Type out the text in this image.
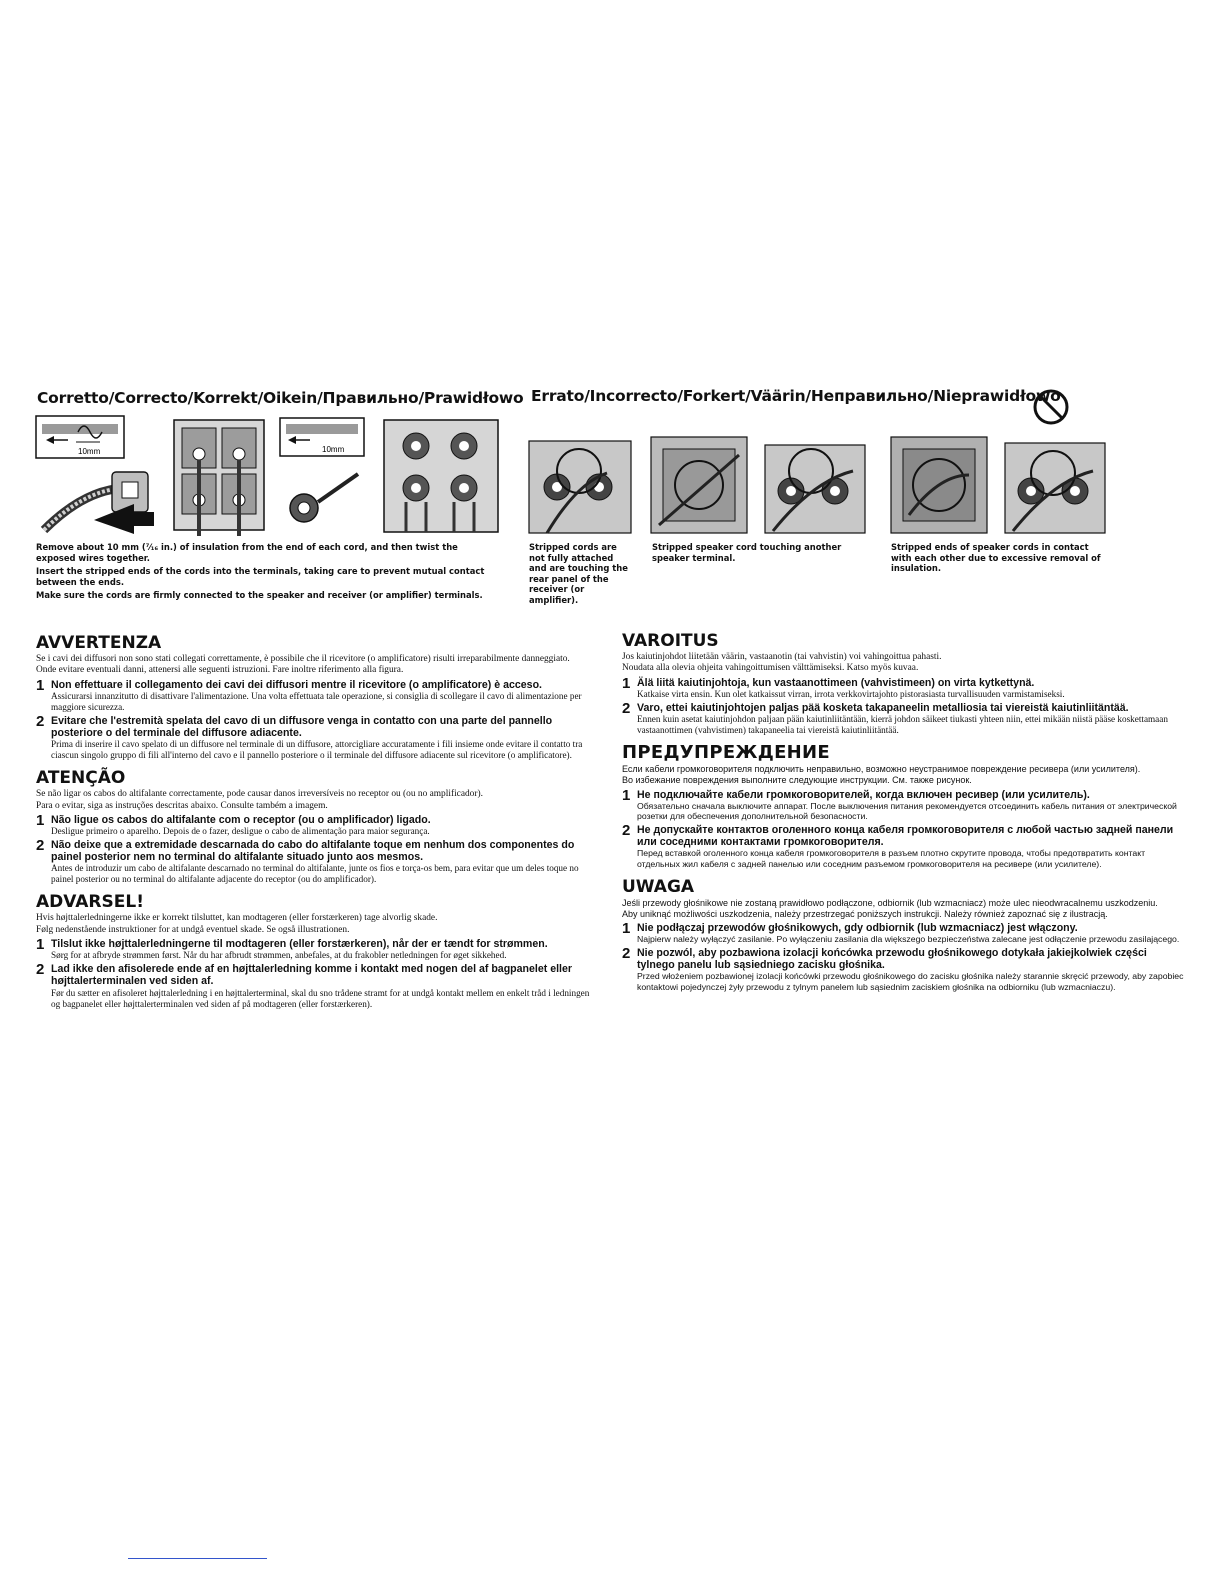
Corretto/Correcto/Korrekt/Oikein/Правильно/Prawidłowo Errato/Incorrecto/Forkert/Väärin/Неправильно/Nieprawidłowo
10mm	10mm

Remove about 10 mm (⁷⁄₁₆ in.) of insulation from the end of each cord, and then twist the exposed wires together.

Insert the stripped ends of the cords into the terminals, taking care to prevent mutual contact between the ends.

Make sure the cords are firmly connected to the speaker and receiver (or amplifier) terminals.

Stripped cords are not fully attached and are touching the rear panel of the receiver (or amplifier).
Stripped speaker cord touching another speaker terminal.
Stripped ends of speaker cords in contact with each other due to excessive removal of insulation.
AVVERTENZA

Se i cavi dei diffusori non sono stati collegati correttamente, è possibile che il ricevitore (o amplificatore) risulti irreparabilmente danneggiato.
Onde evitare eventuali danni, attenersi alle seguenti istruzioni. Fare inoltre riferimento alla figura.

1 Non effettuare il collegamento dei cavi dei diffusori mentre il ricevitore (o amplificatore) è acceso.
Assicurarsi innanzitutto di disattivare l'alimentazione. Una volta effettuata tale operazione, si consiglia di scollegare il cavo di alimentazione per maggiore sicurezza.
2 Evitare che l'estremità spelata del cavo di un diffusore venga in contatto con una parte del pannello posteriore o del terminale del diffusore adiacente.
Prima di inserire il cavo spelato di un diffusore nel terminale di un diffusore, attorcigliare accuratamente i fili insieme onde evitare il contatto tra ciascun singolo gruppo di fili all'interno del cavo e il pannello posteriore o il terminale del diffusore adiacente sul ricevitore (o amplificatore).
ATENÇÃO

Se não ligar os cabos do altifalante correctamente, pode causar danos irreversíveis no receptor ou (ou no amplificador).
Para o evitar, siga as instruções descritas abaixo. Consulte também a imagem.

1 Não ligue os cabos do altifalante com o receptor (ou o amplificador) ligado.
Desligue primeiro o aparelho. Depois de o fazer, desligue o cabo de alimentação para maior segurança.
2 Não deixe que a extremidade descarnada do cabo do altifalante toque em nenhum dos componentes do painel posterior nem no terminal do altifalante situado junto aos mesmos.
Antes de introduzir um cabo de altifalante descarnado no terminal do altifalante, junte os fios e torça-os bem, para evitar que um deles toque no painel posterior ou no terminal do altifalante adjacente do receptor (ou do amplificador).
ADVARSEL!

Hvis højttalerledningerne ikke er korrekt tilsluttet, kan modtageren (eller forstærkeren) tage alvorlig skade.
Følg nedenstående instruktioner for at undgå eventuel skade. Se også illustrationen.

1 Tilslut ikke højttalerledningerne til modtageren (eller forstærkeren), når der er tændt for strømmen.
Sørg for at afbryde strømmen først. Når du har afbrudt strømmen, anbefales, at du frakobler netledningen for øget sikkehed.
2 Lad ikke den afisolerede ende af en højttalerledning komme i kontakt med nogen del af bagpanelet eller højttalerterminalen ved siden af.
Før du sætter en afisoleret højttalerledning i en højttalerterminal, skal du sno trådene stramt for at undgå kontakt mellem en enkelt tråd i ledningen og bagpanelet eller højttalerterminalen ved siden af på modtageren (eller forstærkeren).
VAROITUS

Jos kaiutinjohdot liitetään väärin, vastaanotin (tai vahvistin) voi vahingoittua pahasti.
Noudata alla olevia ohjeita vahingoittumisen välttämiseksi. Katso myös kuvaa.

1 Älä liitä kaiutinjohtoja, kun vastaanottimeen (vahvistimeen) on virta kytkettynä.
Katkaise virta ensin. Kun olet katkaissut virran, irrota verkkovirtajohto pistorasiasta turvallisuuden varmistamiseksi.
2 Varo, ettei kaiutinjohtojen paljas pää kosketa takapaneelin metalliosia tai viereistä kaiutinliitäntää.
Ennen kuin asetat kaiutinjohdon paljaan pään kaiutinliitäntään, kierrä johdon säikeet tiukasti yhteen niin, ettei mikään niistä pääse koskettamaan vastaanottimen (vahvistimen) takapaneelia tai viereistä kaiutinliitäntää.
ПРЕДУПРЕЖДЕНИЕ

Если кабели громкоговорителя подключить неправильно, возможно неустранимое повреждение ресивера (или усилителя).
Во избежание повреждения выполните следующие инструкции. См. также рисунок.

1 Не подключайте кабели громкоговорителей, когда включен ресивер (или усилитель).
Обязательно сначала выключите аппарат. После выключения питания рекомендуется отсоединить кабель питания от электрической розетки для обеспечения дополнительной безопасности.
2 Не допускайте контактов оголенного конца кабеля громкоговорителя с любой частью задней панели или соседними контактами громкоговорителя.
Перед вставкой оголенного конца кабеля громкоговорителя в разъем плотно скрутите провода, чтобы предотвратить контакт отдельных жил кабеля с задней панелью или соседним разъемом громкоговорителя на ресивере (или усилителе).
UWAGA

Jeśli przewody głośnikowe nie zostaną prawidłowo podłączone, odbiornik (lub wzmacniacz) może ulec nieodwracalnemu uszkodzeniu.
Aby uniknąć możliwości uszkodzenia, należy przestrzegać poniższych instrukcji. Należy również zapoznać się z ilustracją.

1 Nie podłączaj przewodów głośnikowych, gdy odbiornik (lub wzmacniacz) jest włączony.
Najpierw należy wyłączyć zasilanie. Po wyłączeniu zasilania dla większego bezpieczeństwa zalecane jest odłączenie przewodu zasilającego.
2 Nie pozwól, aby pozbawiona izolacji końcówka przewodu głośnikowego dotykała jakiejkolwiek części tylnego panelu lub sąsiedniego zacisku głośnika.
Przed włożeniem pozbawionej izolacji końcówki przewodu głośnikowego do zacisku głośnika należy starannie skręcić przewody, aby zapobiec kontaktowi pojedynczej żyły przewodu z tylnym panelem lub sąsiednim zaciskiem głośnika na odbiorniku (lub wzmacniaczu).
